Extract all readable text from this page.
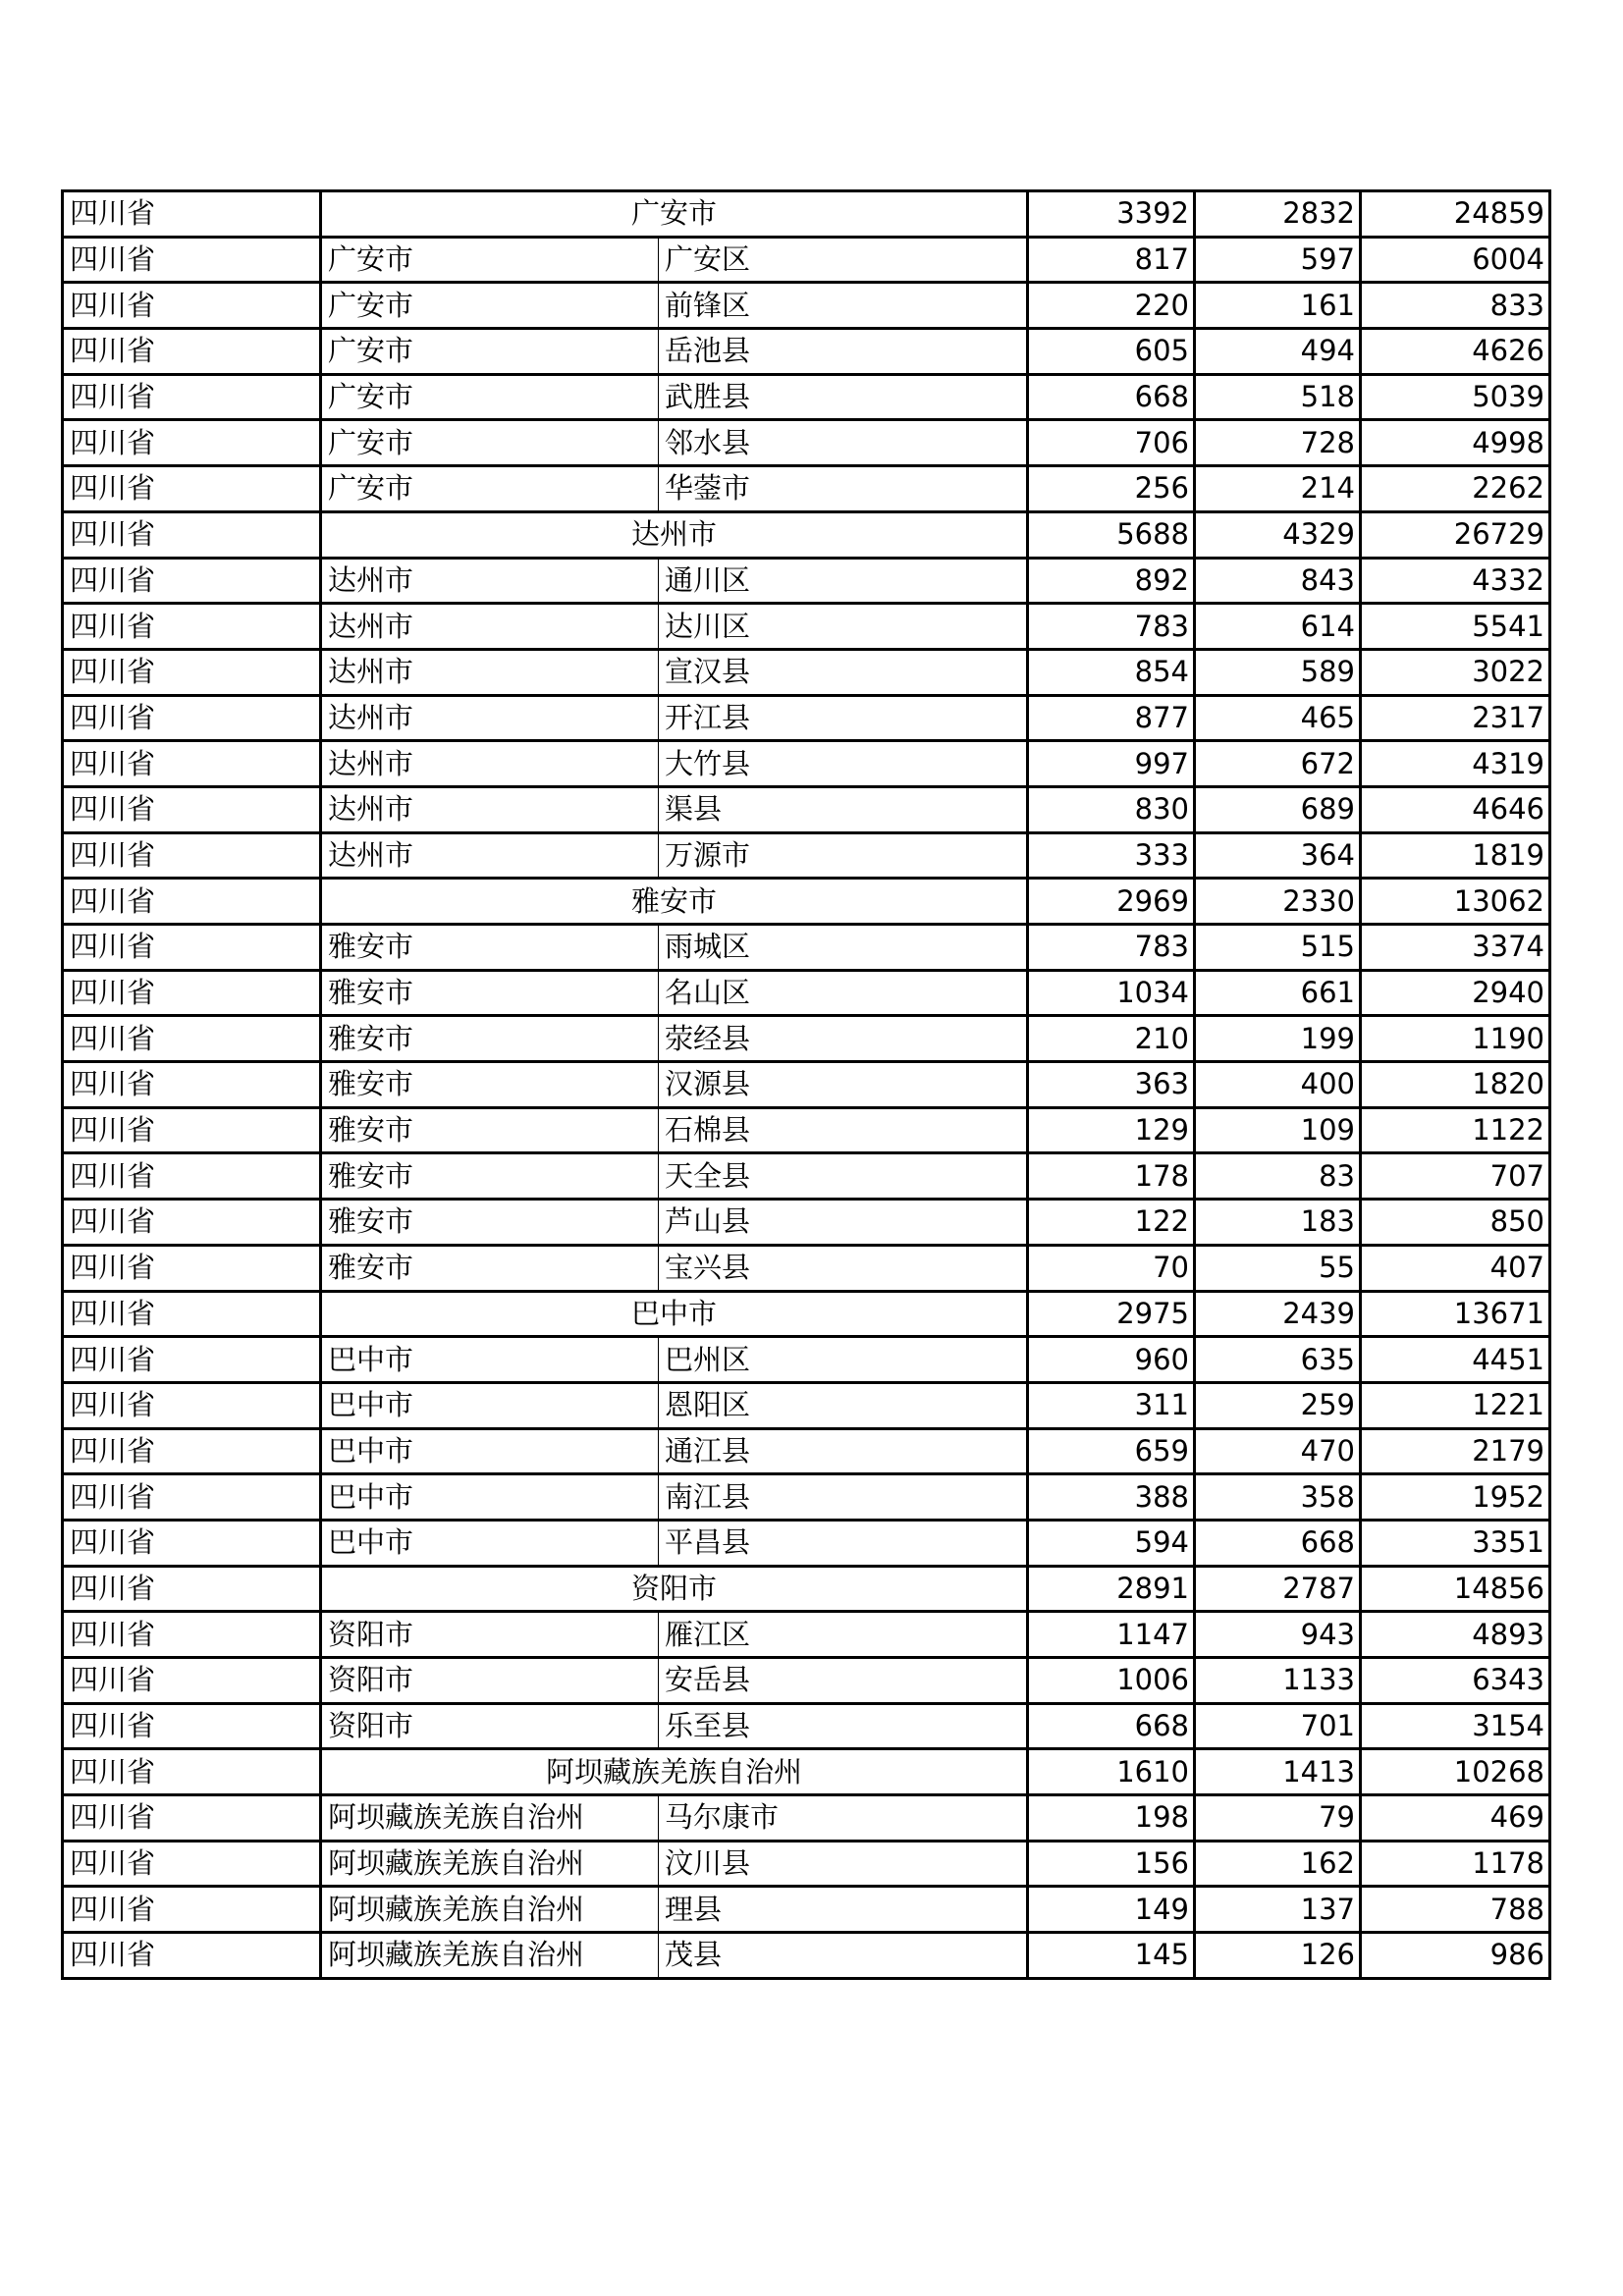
四川省	广安市		3392	2832	24859
四川省	广安市	广安区	817	597	6004
四川省	广安市	前锋区	220	161	833
四川省	广安市	岳池县	605	494	4626
四川省	广安市	武胜县	668	518	5039
四川省	广安市	邻水县	706	728	4998
四川省	广安市	华蓥市	256	214	2262
四川省	达州市		5688	4329	26729
四川省	达州市	通川区	892	843	4332
四川省	达州市	达川区	783	614	5541
四川省	达州市	宣汉县	854	589	3022
四川省	达州市	开江县	877	465	2317
四川省	达州市	大竹县	997	672	4319
四川省	达州市	渠县	830	689	4646
四川省	达州市	万源市	333	364	1819
四川省	雅安市		2969	2330	13062
四川省	雅安市	雨城区	783	515	3374
四川省	雅安市	名山区	1034	661	2940
四川省	雅安市	荥经县	210	199	1190
四川省	雅安市	汉源县	363	400	1820
四川省	雅安市	石棉县	129	109	1122
四川省	雅安市	天全县	178	83	707
四川省	雅安市	芦山县	122	183	850
四川省	雅安市	宝兴县	70	55	407
四川省	巴中市		2975	2439	13671
四川省	巴中市	巴州区	960	635	4451
四川省	巴中市	恩阳区	311	259	1221
四川省	巴中市	通江县	659	470	2179
四川省	巴中市	南江县	388	358	1952
四川省	巴中市	平昌县	594	668	3351
四川省	资阳市		2891	2787	14856
四川省	资阳市	雁江区	1147	943	4893
四川省	资阳市	安岳县	1006	1133	6343
四川省	资阳市	乐至县	668	701	3154
四川省	阿坝藏族羌族自治州		1610	1413	10268
四川省	阿坝藏族羌族自治州	马尔康市	198	79	469
四川省	阿坝藏族羌族自治州	汶川县	156	162	1178
四川省	阿坝藏族羌族自治州	理县	149	137	788
四川省	阿坝藏族羌族自治州	茂县	145	126	986
